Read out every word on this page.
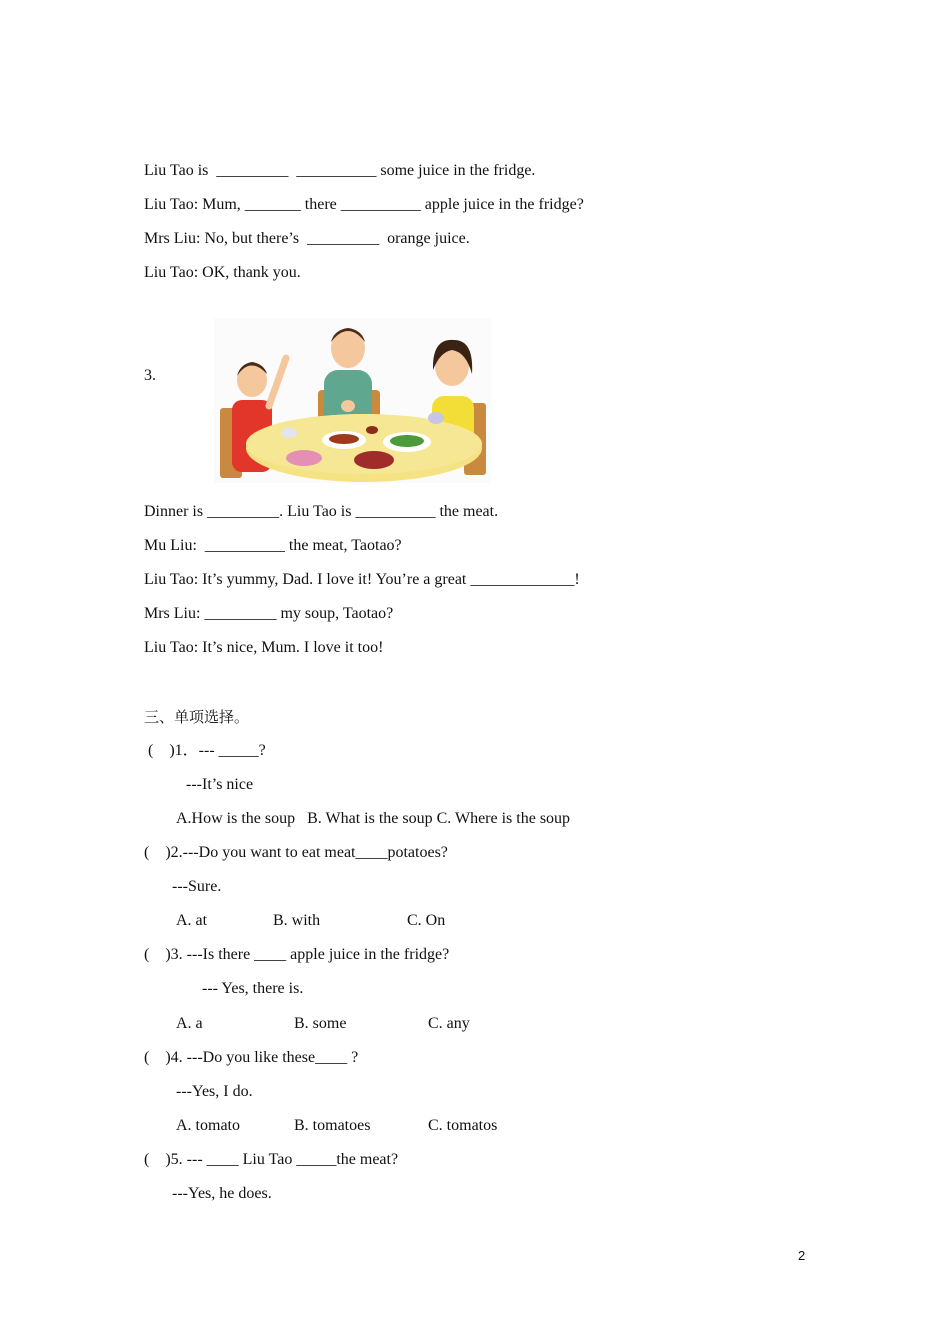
Liu Tao is  _________  __________ some juice in the fridge.
Liu Tao: Mum, _______ there __________ apple juice in the fridge?
Mrs Liu: No, but there’s  _________  orange juice.
Liu Tao: OK, thank you.
3.
Dinner is _________. Liu Tao is __________ the meat.
Mu Liu:  __________ the meat, Taotao?
Liu Tao: It’s yummy, Dad. I love it! You’re a great _____________!
Mrs Liu: _________ my soup, Taotao?
Liu Tao: It’s nice, Mum. I love it too!
三、单项选择。
(    )1．--- _____?
---It’s nice
A.How is the soup   B. What is the soup C. Where is the soup
(    )2.---Do you want to eat meat____potatoes?
---Sure.
A. at	B. with	C. On
(    )3. ---Is there ____ apple juice in the fridge?
--- Yes, there is.
A. a	B. some	C. any
(    )4. ---Do you like these____ ?
---Yes, I do.
A. tomato	B. tomatoes	C. tomatos
(    )5. --- ____ Liu Tao _____the meat?
---Yes, he does.
2
